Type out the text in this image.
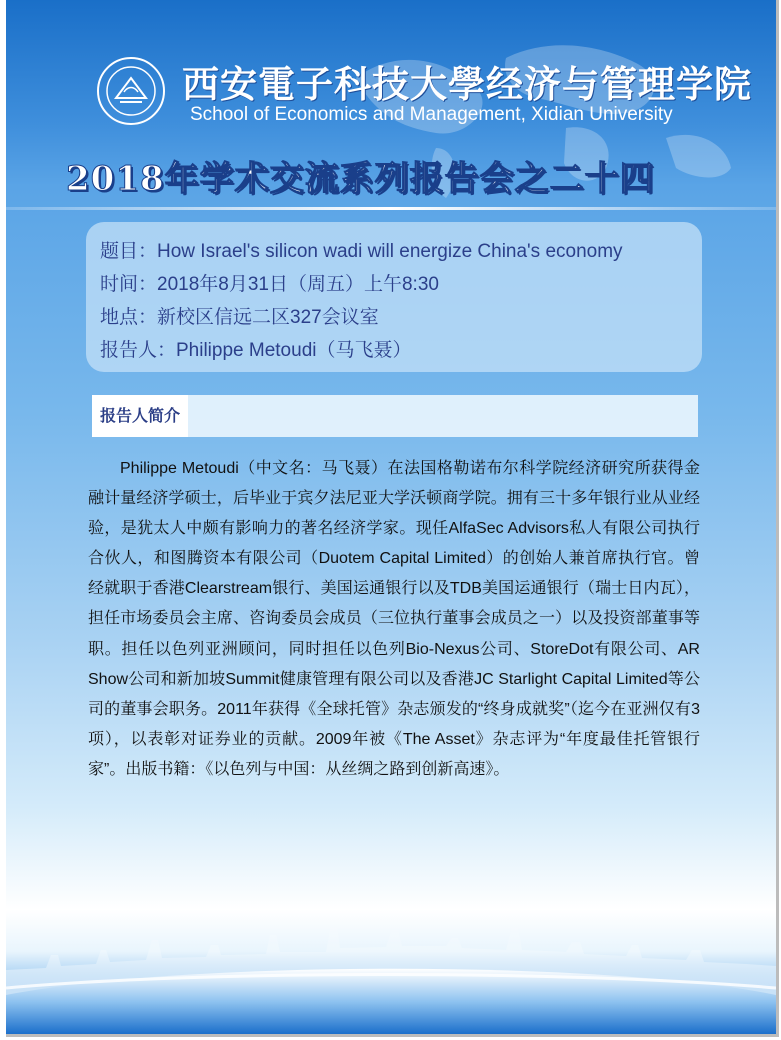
西安電子科技大學经济与管理学院
School of Economics and Management, Xidian University
2018年学术交流系列报告会之二十四
题目：How Israel's silicon wadi will energize China's economy
时间：2018年8月31日（周五）上午8:30
地点：新校区信远二区327会议室
报告人：Philippe Metoudi（马飞聂）
报告人简介
Philippe Metoudi（中文名：马飞聂）在法国格勒诺布尔科学院经济研究所获得金融计量经济学硕士，后毕业于宾夕法尼亚大学沃顿商学院。拥有三十多年银行业从业经验，是犹太人中颇有影响力的著名经济学家。现任AlfaSec Advisors私人有限公司执行合伙人，和图腾资本有限公司（Duotem Capital Limited）的创始人兼首席执行官。曾经就职于香港Clearstream银行、美国运通银行以及TDB美国运通银行（瑞士日内瓦），担任市场委员会主席、咨询委员会成员（三位执行董事会成员之一）以及投资部董事等职。担任以色列亚洲顾问，同时担任以色列Bio-Nexus公司、StoreDot有限公司、AR Show公司和新加坡Summit健康管理有限公司以及香港JC Starlight Capital Limited等公司的董事会职务。2011年获得《全球托管》杂志颁发的“终身成就奖”（迄今在亚洲仅有3项），以表彰对证券业的贡献。2009年被《The Asset》杂志评为“年度最佳托管银行家”。出版书籍：《以色列与中国：从丝绸之路到创新高速》。
